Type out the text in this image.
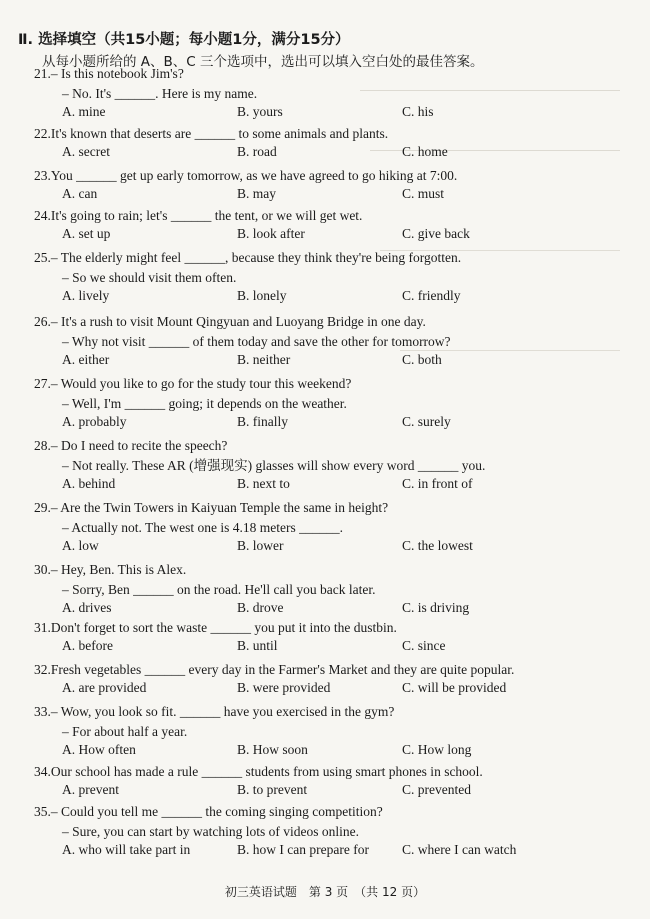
Ⅱ. 选择填空（共15小题；每小题1分，满分15分）
从每小题所给的 A、B、C 三个选项中，选出可以填入空白处的最佳答案。
21.– Is this notebook Jim's?
– No. It's ______. Here is my name.
A. mine	B. yours	C. his
22.It's known that deserts are ______ to some animals and plants.
A. secret	B. road	C. home
23.You ______ get up early tomorrow, as we have agreed to go hiking at 7:00.
A. can	B. may	C. must
24.It's going to rain; let's ______ the tent, or we will get wet.
A. set up	B. look after	C. give back
25.– The elderly might feel ______, because they think they're being forgotten.
– So we should visit them often.
A. lively	B. lonely	C. friendly
26.– It's a rush to visit Mount Qingyuan and Luoyang Bridge in one day.
– Why not visit ______ of them today and save the other for tomorrow?
A. either	B. neither	C. both
27.– Would you like to go for the study tour this weekend?
– Well, I'm ______ going; it depends on the weather.
A. probably	B. finally	C. surely
28.– Do I need to recite the speech?
– Not really. These AR (增强现实) glasses will show every word ______ you.
A. behind	B. next to	C. in front of
29.– Are the Twin Towers in Kaiyuan Temple the same in height?
– Actually not. The west one is 4.18 meters ______.
A. low	B. lower	C. the lowest
30.– Hey, Ben. This is Alex.
– Sorry, Ben ______ on the road. He'll call you back later.
A. drives	B. drove	C. is driving
31.Don't forget to sort the waste ______ you put it into the dustbin.
A. before	B. until	C. since
32.Fresh vegetables ______ every day in the Farmer's Market and they are quite popular.
A. are provided	B. were provided	C. will be provided
33.– Wow, you look so fit. ______ have you exercised in the gym?
– For about half a year.
A. How often	B. How soon	C. How long
34.Our school has made a rule ______ students from using smart phones in school.
A. prevent	B. to prevent	C. prevented
35.– Could you tell me ______ the coming singing competition?
– Sure, you can start by watching lots of videos online.
A. who will take part in	B. how I can prepare for C. where I can watch
初三英语试题　第 3 页　（共 12 页）
